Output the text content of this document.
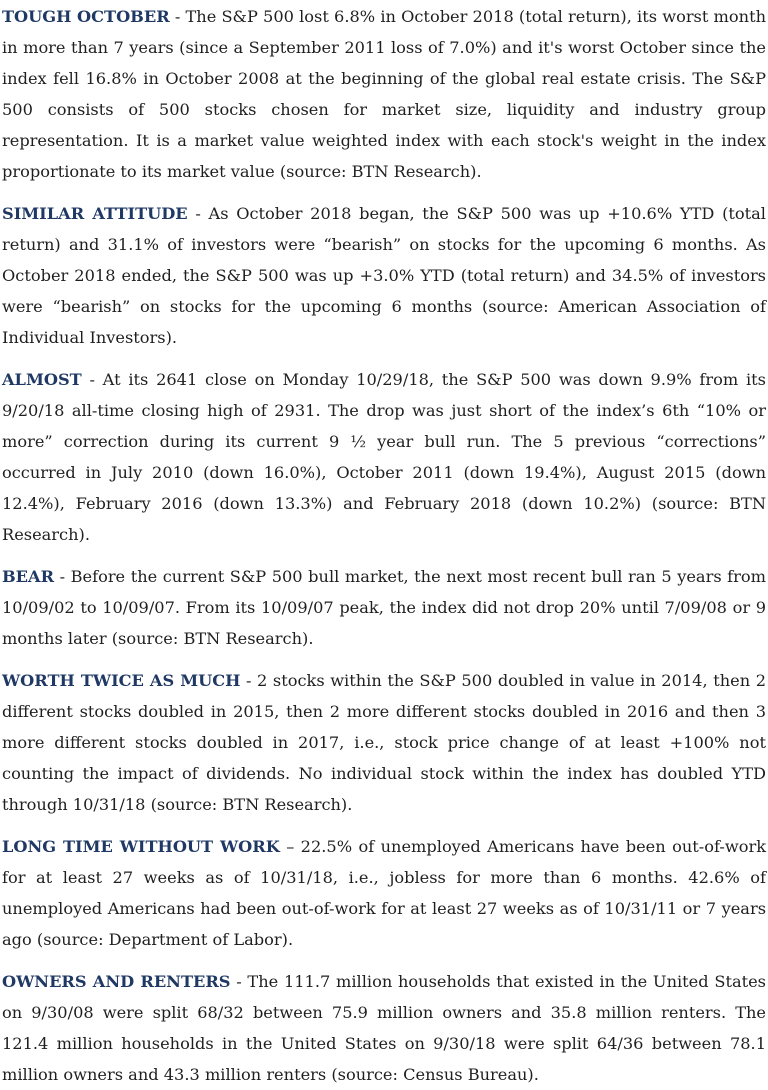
TOUGH OCTOBER - The S&P 500 lost 6.8% in October 2018 (total return), its worst month in more than 7 years (since a September 2011 loss of 7.0%) and it's worst October since the index fell 16.8% in October 2008 at the beginning of the global real estate crisis. The S&P 500 consists of 500 stocks chosen for market size, liquidity and industry group representation. It is a market value weighted index with each stock's weight in the index proportionate to its market value (source: BTN Research).

SIMILAR ATTITUDE - As October 2018 began, the S&P 500 was up +10.6% YTD (total return) and 31.1% of investors were “bearish” on stocks for the upcoming 6 months. As October 2018 ended, the S&P 500 was up +3.0% YTD (total return) and 34.5% of investors were “bearish” on stocks for the upcoming 6 months (source: American Association of Individual Investors).

ALMOST - At its 2641 close on Monday 10/29/18, the S&P 500 was down 9.9% from its 9/20/18 all-time closing high of 2931. The drop was just short of the index’s 6th “10% or more” correction during its current 9 ½ year bull run. The 5 previous “corrections” occurred in July 2010 (down 16.0%), October 2011 (down 19.4%), August 2015 (down 12.4%), February 2016 (down 13.3%) and February 2018 (down 10.2%) (source: BTN Research).

BEAR - Before the current S&P 500 bull market, the next most recent bull ran 5 years from 10/09/02 to 10/09/07. From its 10/09/07 peak, the index did not drop 20% until 7/09/08 or 9 months later (source: BTN Research).

WORTH TWICE AS MUCH - 2 stocks within the S&P 500 doubled in value in 2014, then 2 different stocks doubled in 2015, then 2 more different stocks doubled in 2016 and then 3 more different stocks doubled in 2017, i.e., stock price change of at least +100% not counting the impact of dividends. No individual stock within the index has doubled YTD through 10/31/18 (source: BTN Research).

LONG TIME WITHOUT WORK – 22.5% of unemployed Americans have been out-of-work for at least 27 weeks as of 10/31/18, i.e., jobless for more than 6 months. 42.6% of unemployed Americans had been out-of-work for at least 27 weeks as of 10/31/11 or 7 years ago (source: Department of Labor).

OWNERS AND RENTERS - The 111.7 million households that existed in the United States on 9/30/08 were split 68/32 between 75.9 million owners and 35.8 million renters. The 121.4 million households in the United States on 9/30/18 were split 64/36 between 78.1 million owners and 43.3 million renters (source: Census Bureau).
